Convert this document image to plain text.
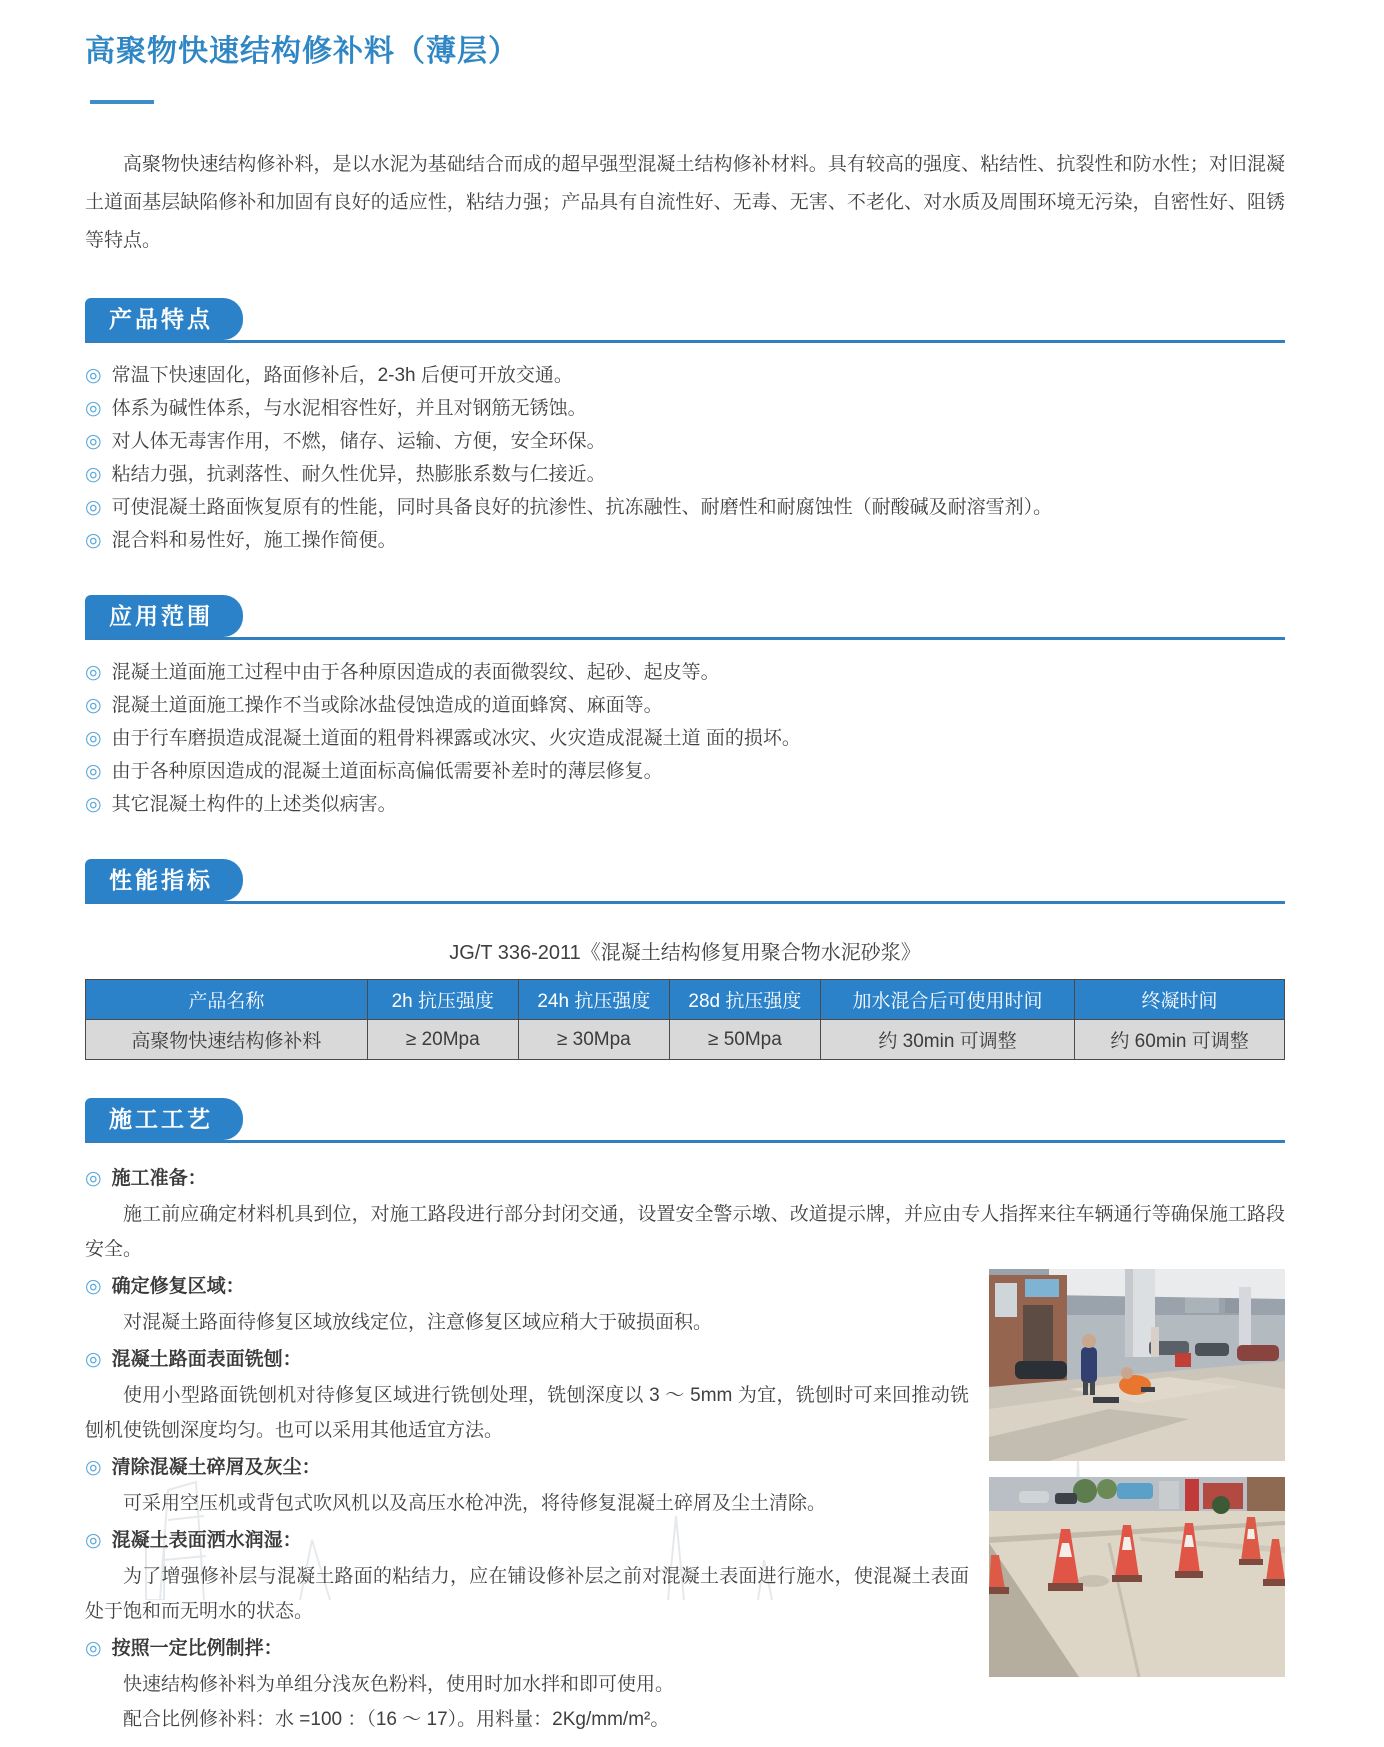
高聚物快速结构修补料（薄层）

高聚物快速结构修补料，是以水泥为基础结合而成的超早强型混凝土结构修补材料。具有较高的强度、粘结性、抗裂性和防水性；对旧混凝土道面基层缺陷修补和加固有良好的适应性，粘结力强；产品具有自流性好、无毒、无害、不老化、对水质及周围环境无污染，自密性好、阻锈等特点。

产品特点
◎ 常温下快速固化，路面修补后，2-3h 后便可开放交通。
◎ 体系为碱性体系，与水泥相容性好，并且对钢筋无锈蚀。
◎ 对人体无毒害作用，不燃，储存、运输、方便，安全环保。
◎ 粘结力强，抗剥落性、耐久性优异，热膨胀系数与仁接近。
◎ 可使混凝土路面恢复原有的性能，同时具备良好的抗渗性、抗冻融性、耐磨性和耐腐蚀性（耐酸碱及耐溶雪剂）。
◎ 混合料和易性好，施工操作简便。
应用范围
◎ 混凝土道面施工过程中由于各种原因造成的表面微裂纹、起砂、起皮等。
◎ 混凝土道面施工操作不当或除冰盐侵蚀造成的道面蜂窝、麻面等。
◎ 由于行车磨损造成混凝土道面的粗骨料裸露或冰灾、火灾造成混凝土道 面的损坏。
◎ 由于各种原因造成的混凝土道面标高偏低需要补差时的薄层修复。
◎ 其它混凝土构件的上述类似病害。
性能指标

JG/T 336-2011《混凝土结构修复用聚合物水泥砂浆》

产品名称	2h 抗压强度	24h 抗压强度	28d 抗压强度	加水混合后可使用时间	终凝时间
高聚物快速结构修补料	≥ 20Mpa	≥ 30Mpa	≥ 50Mpa	约 30min 可调整	约 60min 可调整
施工工艺
◎ 施工准备：

施工前应确定材料机具到位，对施工路段进行部分封闭交通，设置安全警示墩、改道提示牌，并应由专人指挥来往车辆通行等确保施工路段安全。

◎ 确定修复区域：

对混凝土路面待修复区域放线定位，注意修复区域应稍大于破损面积。

◎ 混凝土路面表面铣刨：

使用小型路面铣刨机对待修复区域进行铣刨处理，铣刨深度以 3 ～ 5mm 为宜，铣刨时可来回推动铣刨机使铣刨深度均匀。也可以采用其他适宜方法。

◎ 清除混凝土碎屑及灰尘：

可采用空压机或背包式吹风机以及高压水枪冲洗，将待修复混凝土碎屑及尘土清除。

◎ 混凝土表面洒水润湿：

为了增强修补层与混凝土路面的粘结力，应在铺设修补层之前对混凝土表面进行施水，使混凝土表面处于饱和而无明水的状态。

◎ 按照一定比例制拌：

快速结构修补料为单组分浅灰色粉料，使用时加水拌和即可使用。

配合比例修补料：水 =100 ：（16 ～ 17）。用料量：2Kg/mm/m²。
